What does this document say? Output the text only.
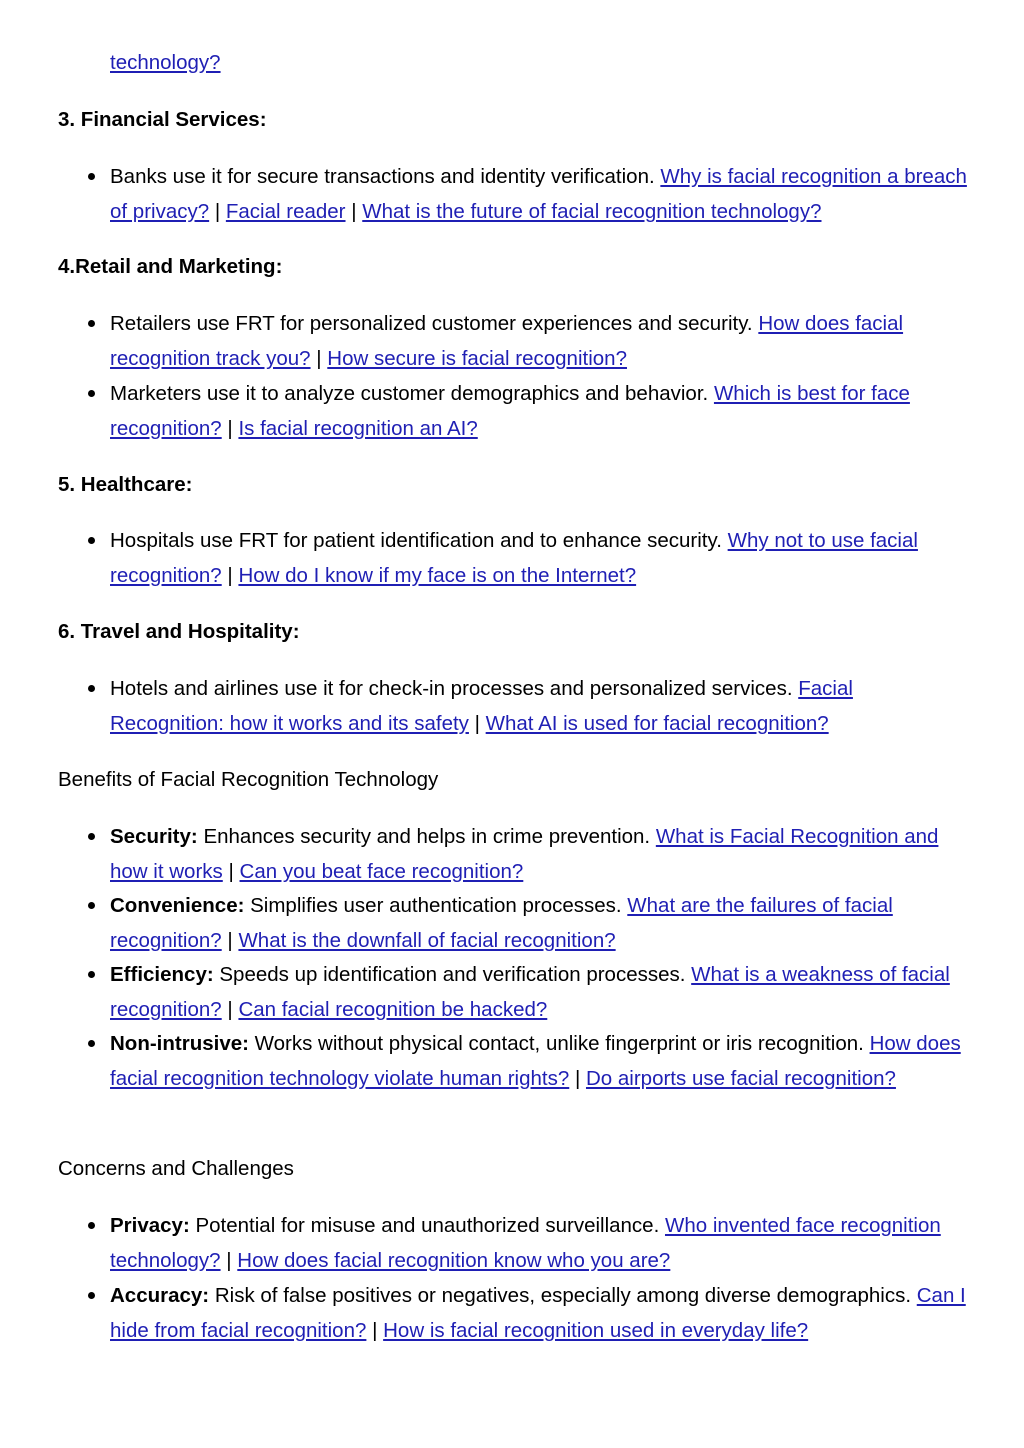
technology?
3. Financial Services:
Banks use it for secure transactions and identity verification. Why is facial recognition a breach of privacy? | Facial reader | What is the future of facial recognition technology?
4.Retail and Marketing:
Retailers use FRT for personalized customer experiences and security. How does facial recognition track you? | How secure is facial recognition?
Marketers use it to analyze customer demographics and behavior. Which is best for face recognition? | Is facial recognition an AI?
5. Healthcare:
Hospitals use FRT for patient identification and to enhance security. Why not to use facial recognition? | How do I know if my face is on the Internet?
6. Travel and Hospitality:
Hotels and airlines use it for check-in processes and personalized services. Facial Recognition: how it works and its safety | What AI is used for facial recognition?
Benefits of Facial Recognition Technology
Security: Enhances security and helps in crime prevention. What is Facial Recognition and how it works | Can you beat face recognition?
Convenience: Simplifies user authentication processes. What are the failures of facial recognition? | What is the downfall of facial recognition?
Efficiency: Speeds up identification and verification processes. What is a weakness of facial recognition? | Can facial recognition be hacked?
Non-intrusive: Works without physical contact, unlike fingerprint or iris recognition. How does facial recognition technology violate human rights? | Do airports use facial recognition?
Concerns and Challenges
Privacy: Potential for misuse and unauthorized surveillance. Who invented face recognition technology? | How does facial recognition know who you are?
Accuracy: Risk of false positives or negatives, especially among diverse demographics. Can I hide from facial recognition? | How is facial recognition used in everyday life?
